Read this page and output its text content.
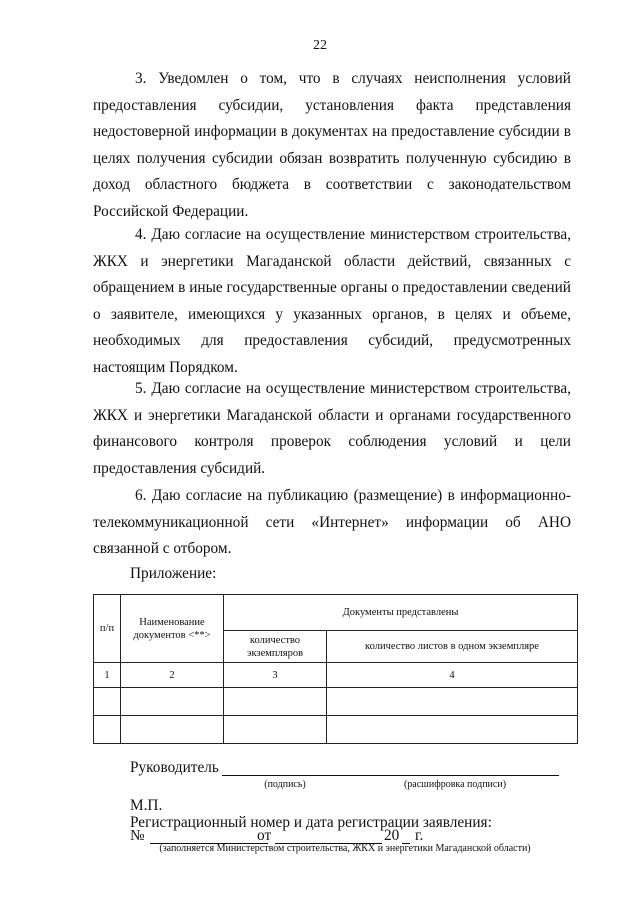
22

3. Уведомлен о том, что в случаях неисполнения условий предоставления субсидии, установления факта представления недостоверной информации в документах на предоставление субсидии в целях получения субсидии обязан возвратить полученную субсидию в доход областного бюджета в соответствии с законодательством Российской Федерации.

4. Даю согласие на осуществление министерством строительства, ЖКХ и энергетики Магаданской области действий, связанных с обращением в иные государственные органы о предоставлении сведений о заявителе, имеющихся у указанных органов, в целях и объеме, необходимых для предоставления субсидий, предусмотренных настоящим Порядком.

5. Даю согласие на осуществление министерством строительства, ЖКХ и энергетики Магаданской области и органами государственного финансового контроля проверок соблюдения условий и цели предоставления субсидий.

6. Даю согласие на публикацию (размещение) в информационно-телекоммуникационной сети «Интернет» информации об АНО связанной с отбором.

Приложение:
п/п	Наименование документов <**>	Документы представлены	
		количество экземпляров	количество листов в одном экземпляре
1	2	3	4

Руководитель
(подпись)	(расшифровка подписи)
М.П.
Регистрационный номер и дата регистрации заявления:
№	от	20 г.
(заполняется Министерством строительства, ЖКХ и энергетики Магаданской области)
